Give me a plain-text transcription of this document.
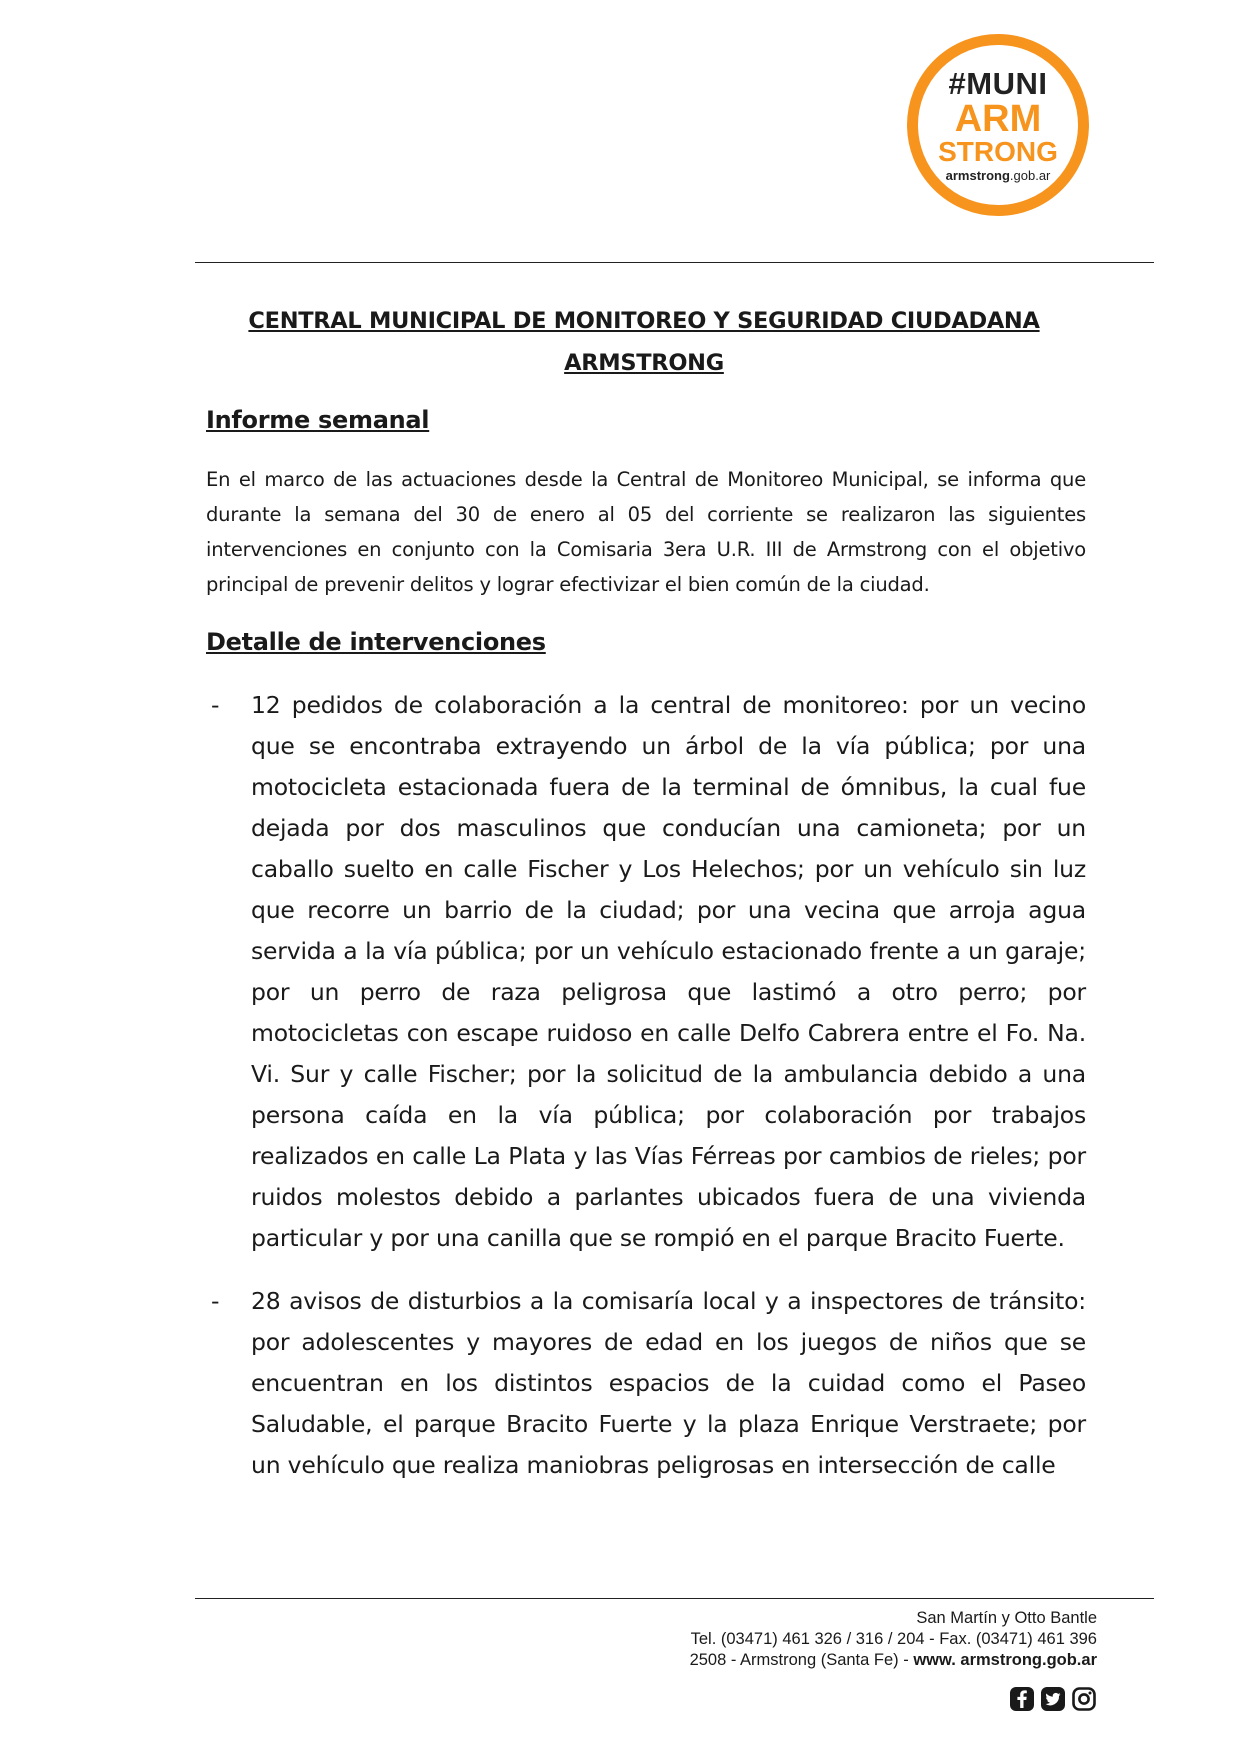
#MUNI
ARM
STRONG
armstrong.gob.ar
CENTRAL MUNICIPAL DE MONITOREO Y SEGURIDAD CIUDADANA
ARMSTRONG
Informe semanal
En el marco de las actuaciones desde la Central de Monitoreo Municipal, se informa que durante la semana del 30 de enero al 05 del corriente se realizaron las siguientes intervenciones en conjunto con la Comisaria 3era U.R. III de Armstrong con el objetivo principal de prevenir delitos y lograr efectivizar el bien común de la ciudad.
Detalle de intervenciones
- 12 pedidos de colaboración a la central de monitoreo: por un vecino que se encontraba extrayendo un árbol de la vía pública; por una motocicleta estacionada fuera de la terminal de ómnibus, la cual fue dejada por dos masculinos que conducían una camioneta; por un caballo suelto en calle Fischer y Los Helechos; por un vehículo sin luz que recorre un barrio de la ciudad; por una vecina que arroja agua servida a la vía pública; por un vehículo estacionado frente a un garaje; por un perro de raza peligrosa que lastimó a otro perro; por motocicletas con escape ruidoso en calle Delfo Cabrera entre el Fo. Na. Vi. Sur y calle Fischer; por la solicitud de la ambulancia debido a una persona caída en la vía pública; por colaboración por trabajos realizados en calle La Plata y las Vías Férreas por cambios de rieles; por ruidos molestos debido a parlantes ubicados fuera de una vivienda particular y por una canilla que se rompió en el parque Bracito Fuerte.
- 28 avisos de disturbios a la comisaría local y a inspectores de tránsito: por adolescentes y mayores de edad en los juegos de niños que se encuentran en los distintos espacios de la cuidad como el Paseo Saludable, el parque Bracito Fuerte y la plaza Enrique Verstraete; por un vehículo que realiza maniobras peligrosas en intersección de calle
San Martín y Otto Bantle
Tel. (03471) 461 326 / 316 / 204 - Fax. (03471) 461 396
2508 - Armstrong (Santa Fe) - www. armstrong.gob.ar
